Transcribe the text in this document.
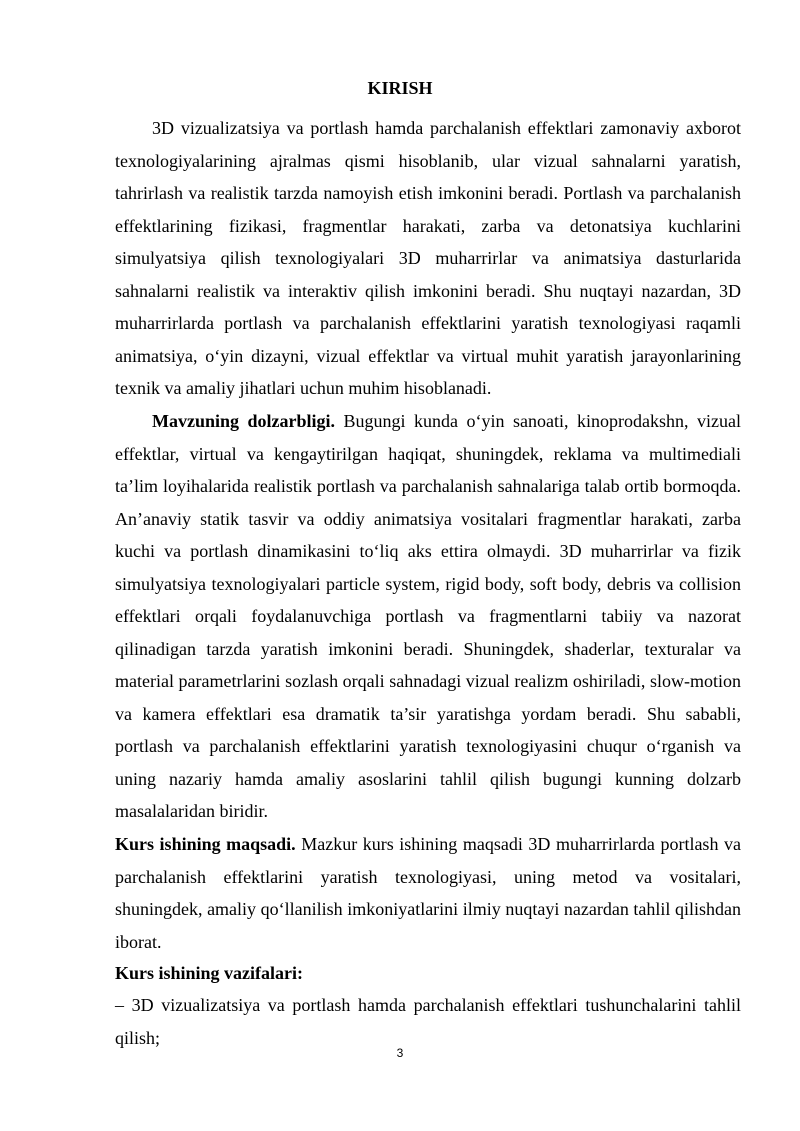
KIRISH

3D vizualizatsiya va portlash hamda parchalanish effektlari zamonaviy axborot texnologiyalarining ajralmas qismi hisoblanib, ular vizual sahnalarni yaratish, tahrirlash va realistik tarzda namoyish etish imkonini beradi. Portlash va parchalanish effektlarining fizikasi, fragmentlar harakati, zarba va detonatsiya kuchlarini simulyatsiya qilish texnologiyalari 3D muharrirlar va animatsiya dasturlarida sahnalarni realistik va interaktiv qilish imkonini beradi. Shu nuqtayi nazardan, 3D muharrirlarda portlash va parchalanish effektlarini yaratish texnologiyasi raqamli animatsiya, o‘yin dizayni, vizual effektlar va virtual muhit yaratish jarayonlarining texnik va amaliy jihatlari uchun muhim hisoblanadi.

Mavzuning dolzarbligi. Bugungi kunda o‘yin sanoati, kinoprodakshn, vizual effektlar, virtual va kengaytirilgan haqiqat, shuningdek, reklama va multimediali ta’lim loyihalarida realistik portlash va parchalanish sahnalariga talab ortib bormoqda. An’anaviy statik tasvir va oddiy animatsiya vositalari fragmentlar harakati, zarba kuchi va portlash dinamikasini to‘liq aks ettira olmaydi. 3D muharrirlar va fizik simulyatsiya texnologiyalari particle system, rigid body, soft body, debris va collision effektlari orqali foydalanuvchiga portlash va fragmentlarni tabiiy va nazorat qilinadigan tarzda yaratish imkonini beradi. Shuningdek, shaderlar, texturalar va material parametrlarini sozlash orqali sahnadagi vizual realizm oshiriladi, slow-motion va kamera effektlari esa dramatik ta’sir yaratishga yordam beradi. Shu sababli, portlash va parchalanish effektlarini yaratish texnologiyasini chuqur o‘rganish va uning nazariy hamda amaliy asoslarini tahlil qilish bugungi kunning dolzarb masalalaridan biridir.

Kurs ishining maqsadi. Mazkur kurs ishining maqsadi 3D muharrirlarda portlash va parchalanish effektlarini yaratish texnologiyasi, uning metod va vositalari, shuningdek, amaliy qo‘llanilish imkoniyatlarini ilmiy nuqtayi nazardan tahlil qilishdan iborat.

Kurs ishining vazifalari:

– 3D vizualizatsiya va portlash hamda parchalanish effektlari tushunchalarini tahlil qilish;

3
